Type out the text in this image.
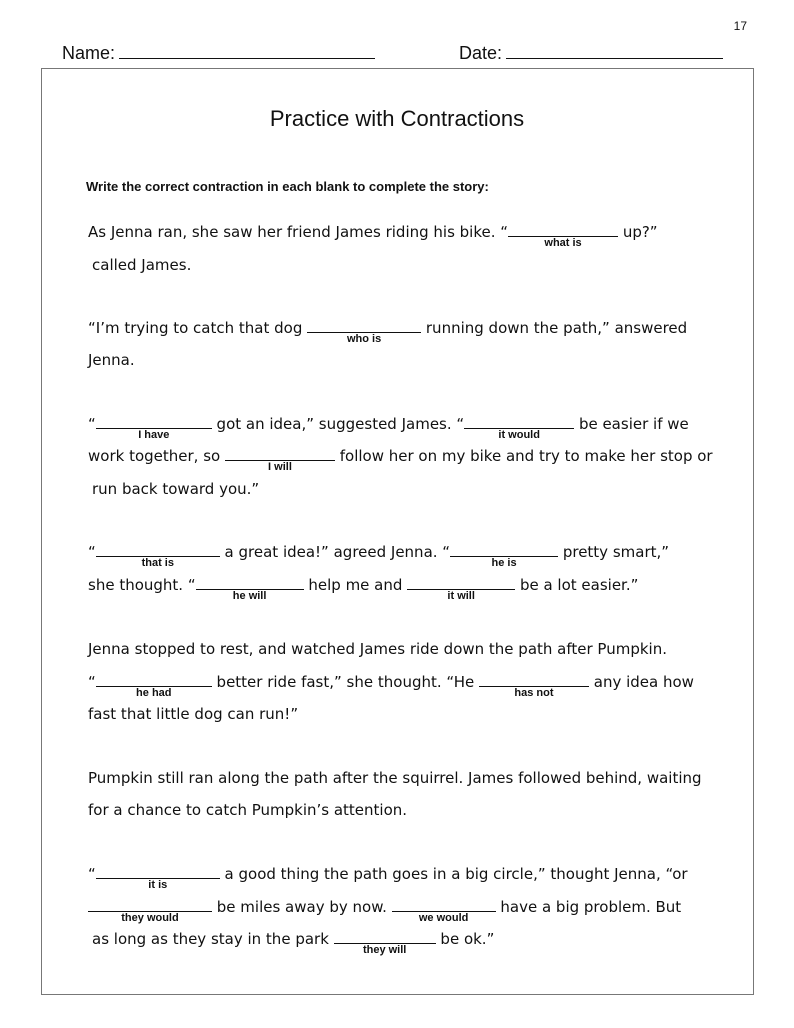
17
Name:	Date:
Practice with Contractions
Write the correct contraction in each blank to complete the story:
As Jenna ran, she saw her friend James riding his bike. “
what is
up?”
called James.
“I’m trying to catch that dog
who is
running down the path,” answered
Jenna.
“
I have
got an idea,” suggested James. “
it would
be easier if we
work together, so
I will
follow her on my bike and try to make her stop or
run back toward you.”
“
that is
a great idea!” agreed Jenna. “
he is
pretty smart,”
she thought. “
he will
help me and
it will
be a lot easier.”
Jenna stopped to rest, and watched James ride down the path after Pumpkin.
“
he had
better ride fast,” she thought. “He
has not
any idea how
fast that little dog can run!”
Pumpkin still ran along the path after the squirrel. James followed behind, waiting
for a chance to catch Pumpkin’s attention.
“
it is
a good thing the path goes in a big circle,” thought Jenna, “or
they would
be miles away by now.
we would
have a big problem. But
as long as they stay in the park
they will
be ok.”
